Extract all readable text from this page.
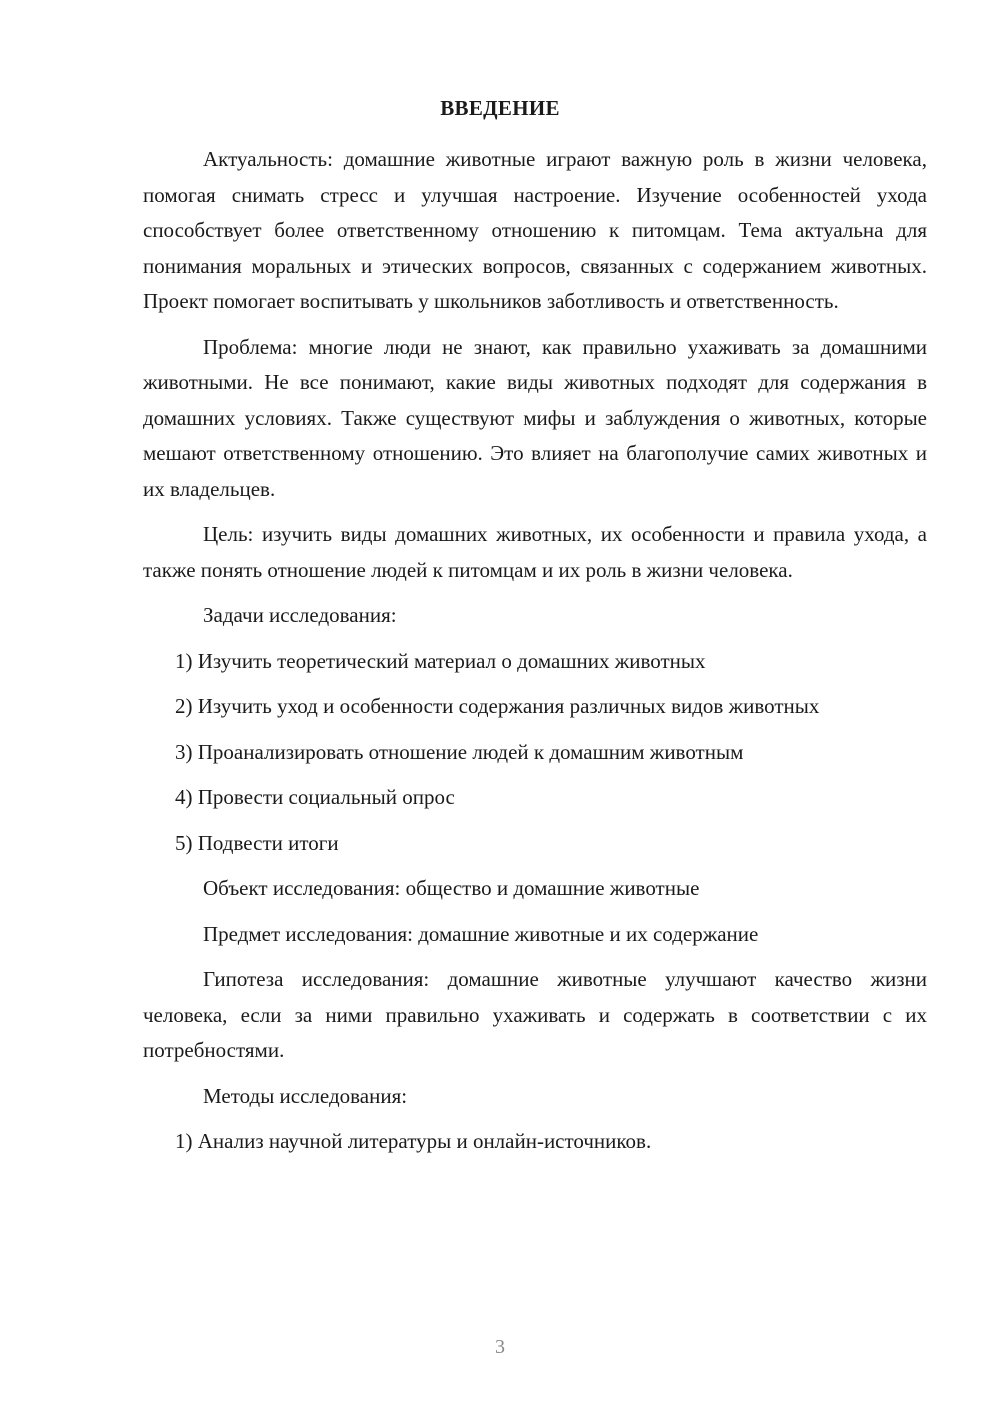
ВВЕДЕНИЕ

Актуальность: домашние животные играют важную роль в жизни человека, помогая снимать стресс и улучшая настроение. Изучение особенностей ухода способствует более ответственному отношению к питомцам. Тема актуальна для понимания моральных и этических вопросов, связанных с содержанием животных. Проект помогает воспитывать у школьников заботливость и ответственность.

Проблема: многие люди не знают, как правильно ухаживать за домашними животными. Не все понимают, какие виды животных подходят для содержания в домашних условиях. Также существуют мифы и заблуждения о животных, которые мешают ответственному отношению. Это влияет на благополучие самих животных и их владельцев.

Цель: изучить виды домашних животных, их особенности и правила ухода, а также понять отношение людей к питомцам и их роль в жизни человека.

Задачи исследования:

1) Изучить теоретический материал о домашних животных

2) Изучить уход и особенности содержания различных видов животных

3) Проанализировать отношение людей к домашним животным

4) Провести социальный опрос

5) Подвести итоги

Объект исследования: общество и домашние животные

Предмет исследования: домашние животные и их содержание

Гипотеза исследования: домашние животные улучшают качество жизни человека, если за ними правильно ухаживать и содержать в соответствии с их потребностями.

Методы исследования:

1) Анализ научной литературы и онлайн-источников.

3
